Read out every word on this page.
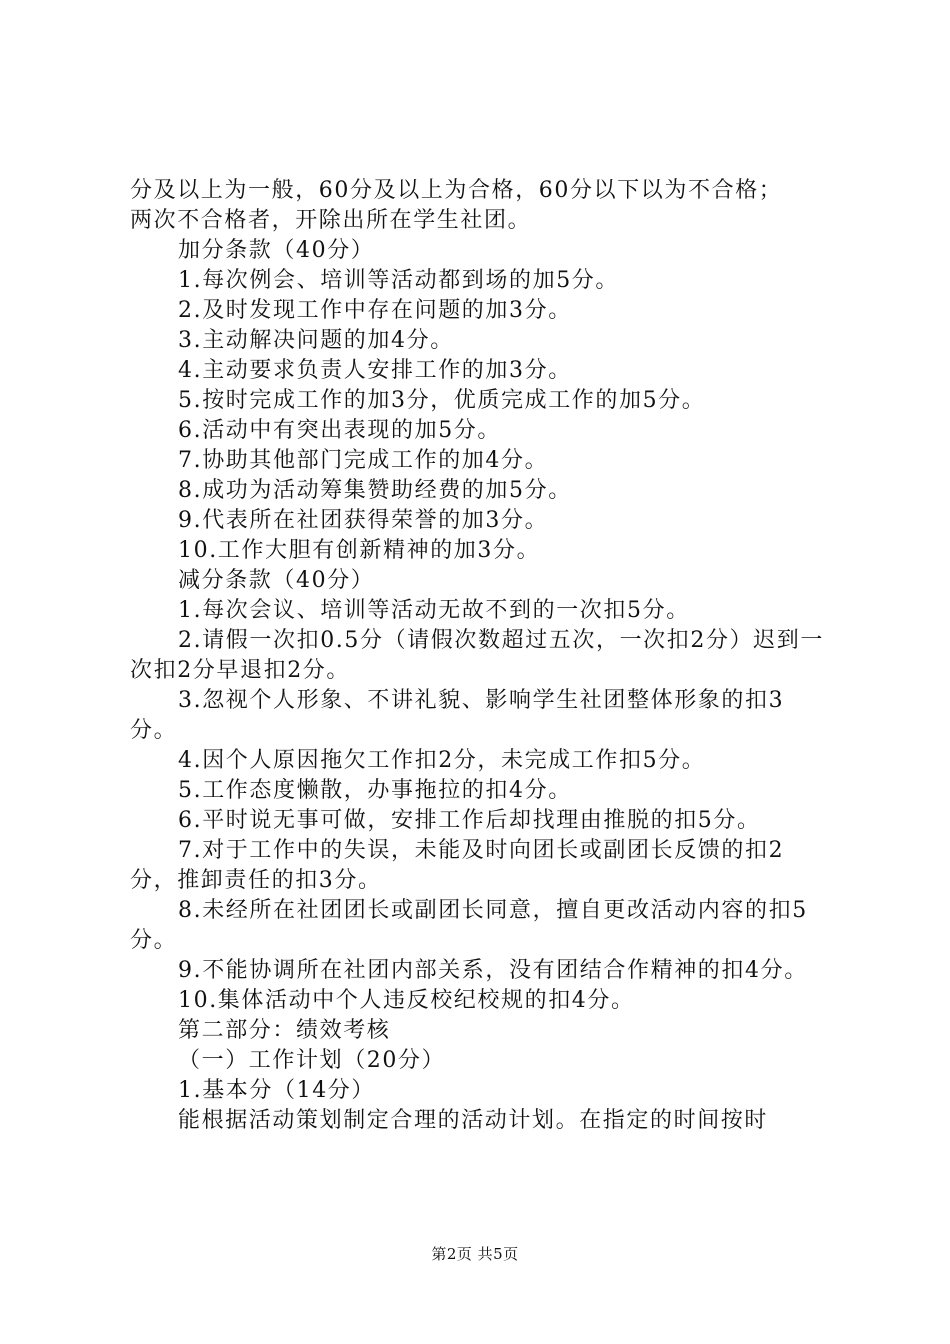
分及以上为一般，60分及以上为合格，60分以下以为不合格；

两次不合格者，开除出所在学生社团。

加分条款（40分）

1.每次例会、培训等活动都到场的加5分。

2.及时发现工作中存在问题的加3分。

3.主动解决问题的加4分。

4.主动要求负责人安排工作的加3分。

5.按时完成工作的加3分，优质完成工作的加5分。

6.活动中有突出表现的加5分。

7.协助其他部门完成工作的加4分。

8.成功为活动筹集赞助经费的加5分。

9.代表所在社团获得荣誉的加3分。

10.工作大胆有创新精神的加3分。

减分条款（40分）

1.每次会议、培训等活动无故不到的一次扣5分。

2.请假一次扣0.5分（请假次数超过五次，一次扣2分）迟到一次扣2分早退扣2分。

3.忽视个人形象、不讲礼貌、影响学生社团整体形象的扣3分。

4.因个人原因拖欠工作扣2分，未完成工作扣5分。

5.工作态度懒散，办事拖拉的扣4分。

6.平时说无事可做，安排工作后却找理由推脱的扣5分。

7.对于工作中的失误，未能及时向团长或副团长反馈的扣2分，推卸责任的扣3分。

8.未经所在社团团长或副团长同意，擅自更改活动内容的扣5分。

9.不能协调所在社团内部关系，没有团结合作精神的扣4分。

10.集体活动中个人违反校纪校规的扣4分。

第二部分：绩效考核

（一）工作计划（20分）

1.基本分（14分）

能根据活动策划制定合理的活动计划。在指定的时间按时

第2页 共5页
